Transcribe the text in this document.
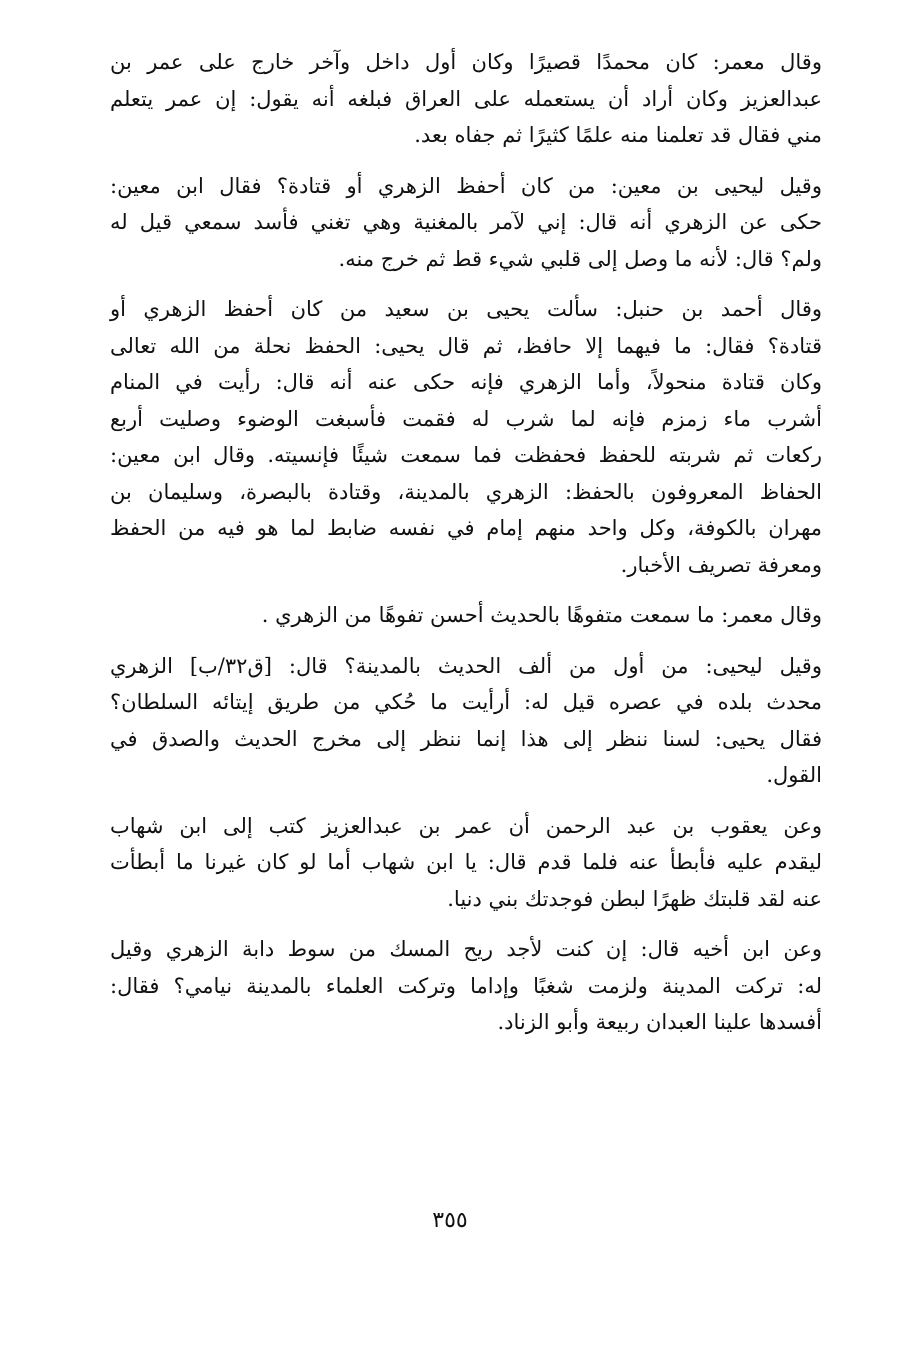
وقال معمر: كان محمدًا قصيرًا وكان أول داخل وآخر خارج على عمر بن
عبدالعزيز وكان أراد أن يستعمله على العراق فبلغه أنه يقول: إن عمر يتعلم
مني فقال قد تعلمنا منه علمًا كثيرًا ثم جفاه بعد.
وقيل ليحيى بن معين: من كان أحفظ الزهري أو قتادة؟ فقال ابن معين:
حكى عن الزهري أنه قال: إني لآمر بالمغنية وهي تغني فأسد سمعي قيل له
ولم؟ قال: لأنه ما وصل إلى قلبي شيء قط ثم خرج منه.
وقال أحمد بن حنبل: سألت يحيى بن سعيد من كان أحفظ الزهري أو
قتادة؟ فقال: ما فيهما إلا حافظ، ثم قال يحيى: الحفظ نحلة من الله تعالى
وكان قتادة منحولاً، وأما الزهري فإنه حكى عنه أنه قال: رأيت في المنام
أشرب ماء زمزم فإنه لما شرب له فقمت فأسبغت الوضوء وصليت أربع
ركعات ثم شربته للحفظ فحفظت فما سمعت شيئًا فإنسيته. وقال ابن معين:
الحفاظ المعروفون بالحفظ: الزهري بالمدينة، وقتادة بالبصرة، وسليمان بن
مهران بالكوفة، وكل واحد منهم إمام في نفسه ضابط لما هو فيه من الحفظ
ومعرفة تصريف الأخبار.
وقال معمر: ما سمعت متفوهًا بالحديث أحسن تفوهًا من الزهري .
وقيل ليحيى: من أول من ألف الحديث بالمدينة؟ قال: [ق٣٢/ب] الزهري
محدث بلده في عصره قيل له: أرأيت ما حُكي من طريق إيتائه السلطان؟
فقال يحيى: لسنا ننظر إلى هذا إنما ننظر إلى مخرج الحديث والصدق في
القول.
وعن يعقوب بن عبد الرحمن أن عمر بن عبدالعزيز كتب إلى ابن شهاب
ليقدم عليه فأبطأ عنه فلما قدم قال: يا ابن شهاب أما لو كان غيرنا ما أبطأت
عنه لقد قلبتك ظهرًا لبطن فوجدتك بني دنيا.
وعن ابن أخيه قال: إن كنت لأجد ريح المسك من سوط دابة الزهري وقيل
له: تركت المدينة ولزمت شغبًا وإداما وتركت العلماء بالمدينة نيامي؟ فقال:
أفسدها علينا العبدان ربيعة وأبو الزناد.
٣٥٥
